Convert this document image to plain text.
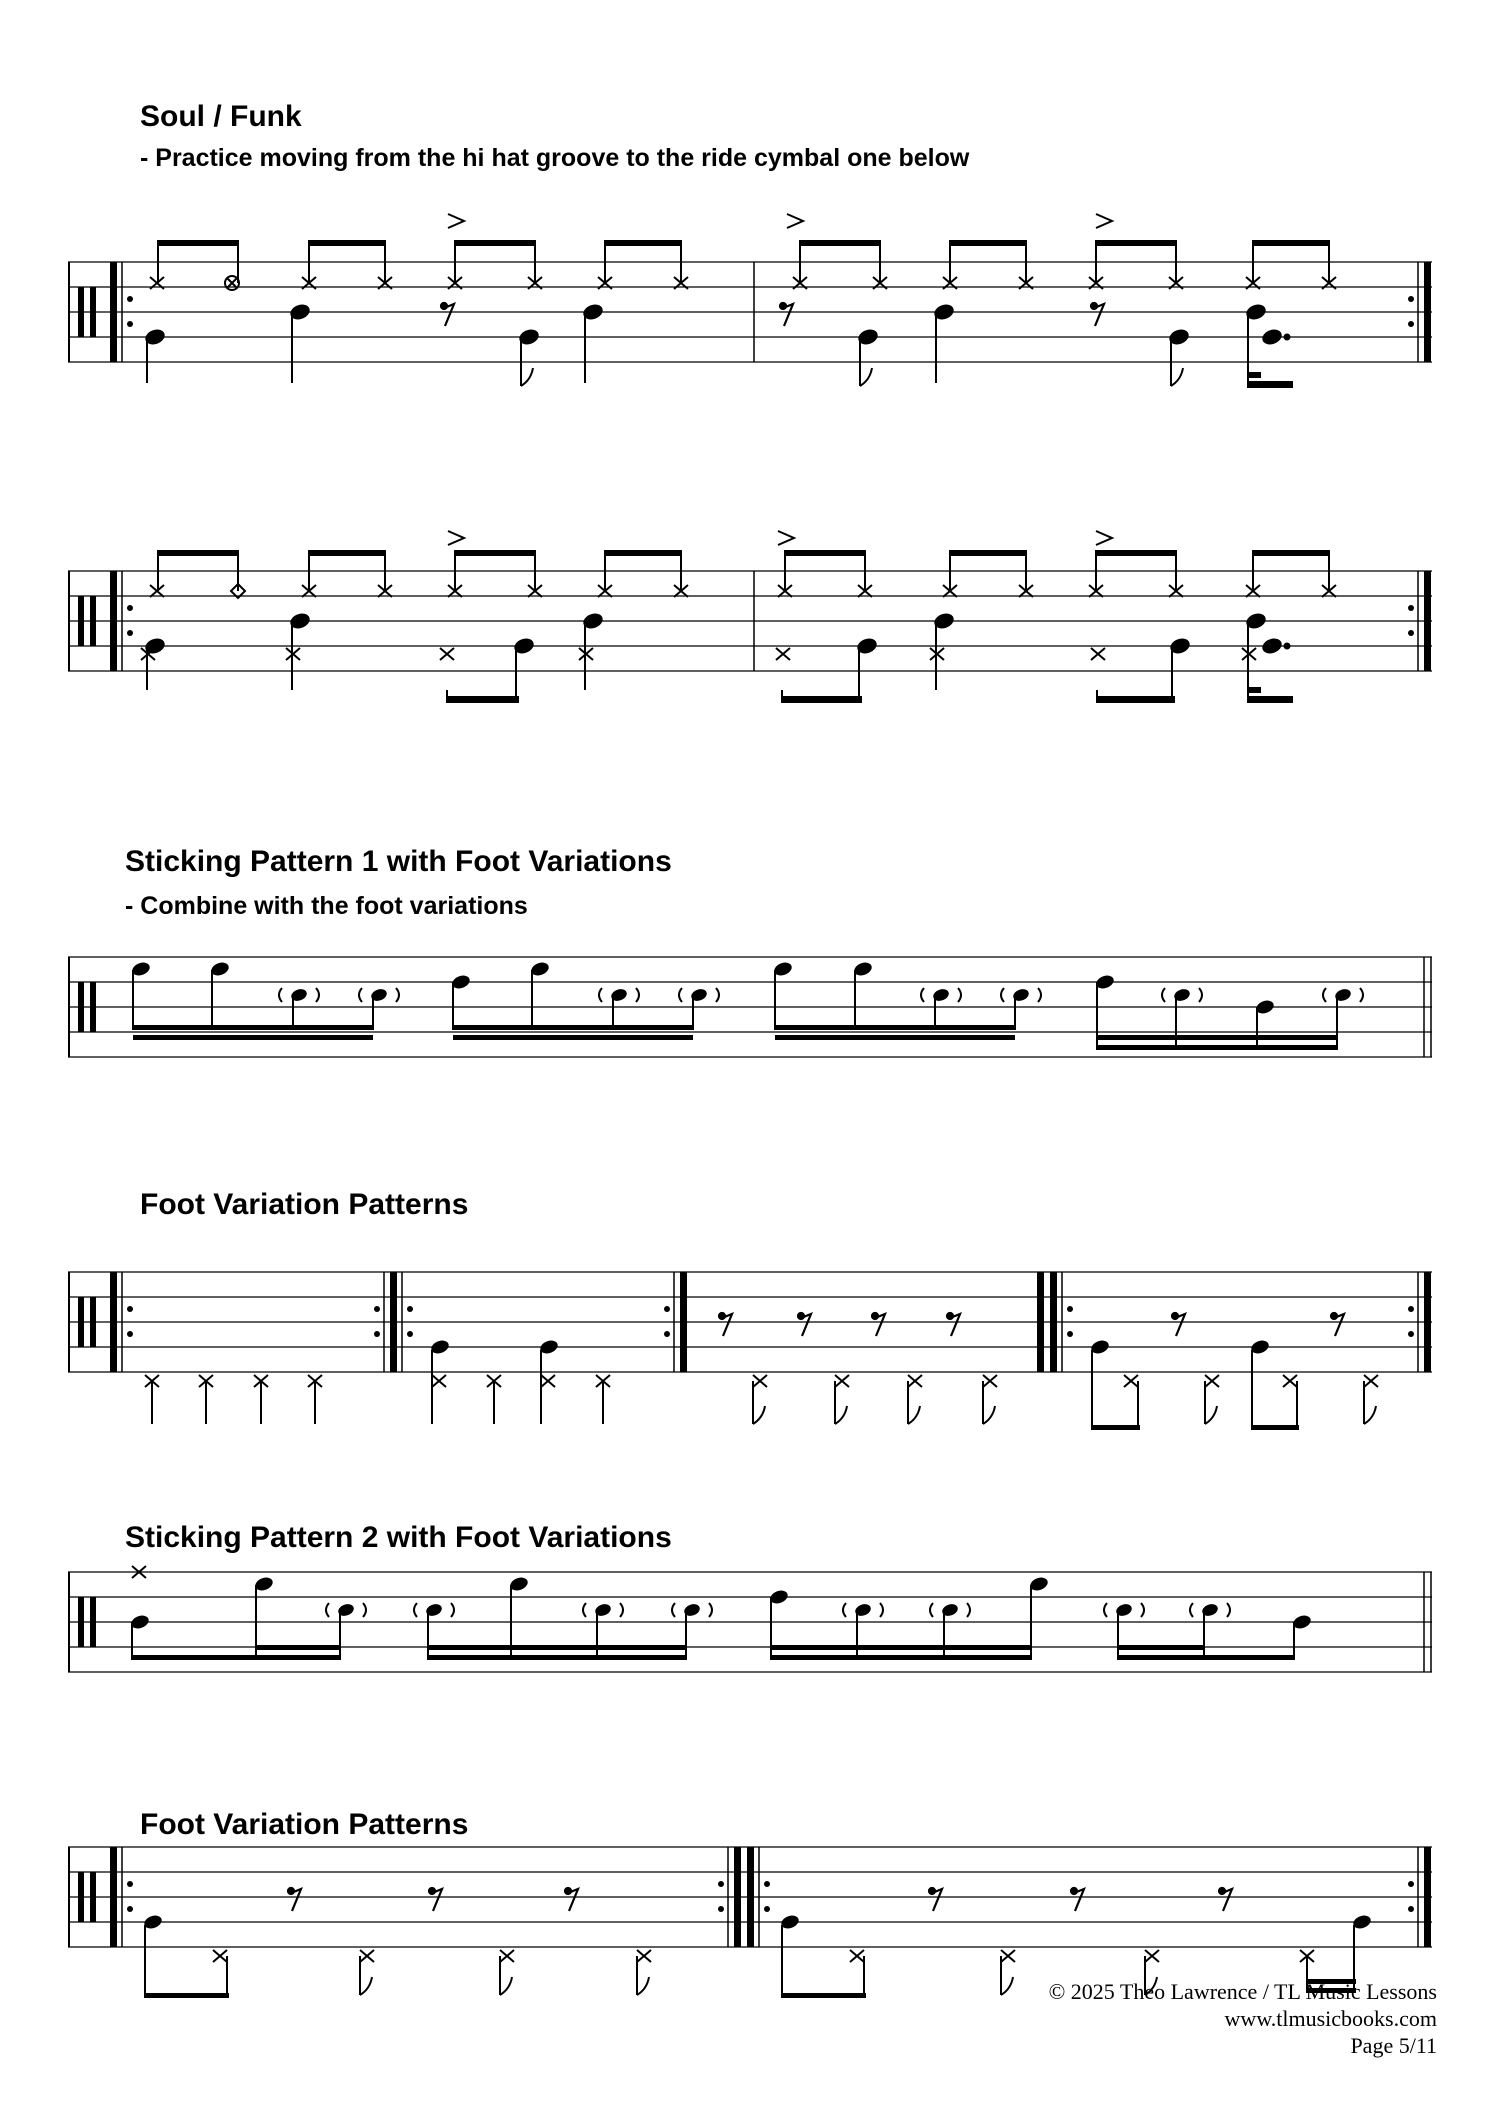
Soul / Funk
- Practice moving from the hi hat groove to the ride cymbal one below
Sticking Pattern 1 with Foot Variations
- Combine with the foot variations
Foot Variation Patterns
Sticking Pattern 2 with Foot Variations
Foot Variation Patterns
© 2025 Theo Lawrence / TL Music Lessons
www.tlmusicbooks.com
Page 5/11
